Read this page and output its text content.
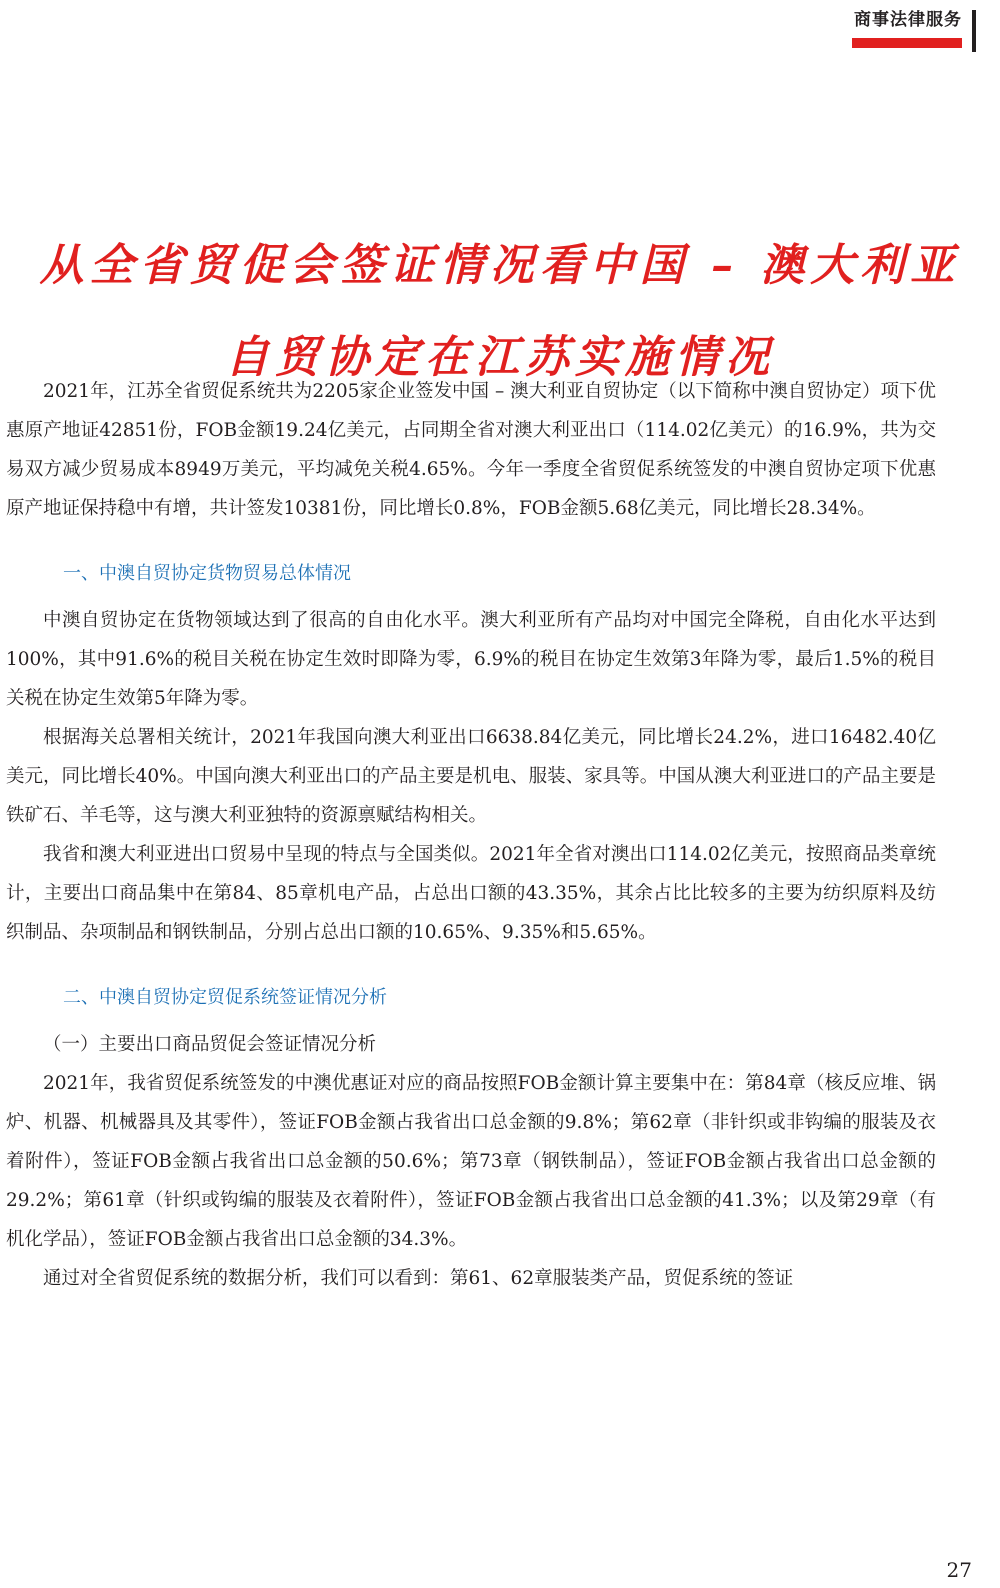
商事法律服务
从全省贸促会签证情况看中国 – 澳大利亚
自贸协定在江苏实施情况

2021年，江苏全省贸促系统共为2205家企业签发中国 – 澳大利亚自贸协定（以下简称中澳自贸协定）项下优惠原产地证42851份，FOB金额19.24亿美元，占同期全省对澳大利亚出口（114.02亿美元）的16.9%，共为交易双方减少贸易成本8949万美元，平均减免关税4.65%。今年一季度全省贸促系统签发的中澳自贸协定项下优惠原产地证保持稳中有增，共计签发10381份，同比增长0.8%，FOB金额5.68亿美元，同比增长28.34%。

一、中澳自贸协定货物贸易总体情况

中澳自贸协定在货物领域达到了很高的自由化水平。澳大利亚所有产品均对中国完全降税，自由化水平达到100%，其中91.6%的税目关税在协定生效时即降为零，6.9%的税目在协定生效第3年降为零，最后1.5%的税目关税在协定生效第5年降为零。

根据海关总署相关统计，2021年我国向澳大利亚出口6638.84亿美元，同比增长24.2%，进口16482.40亿美元，同比增长40%。中国向澳大利亚出口的产品主要是机电、服装、家具等。中国从澳大利亚进口的产品主要是铁矿石、羊毛等，这与澳大利亚独特的资源禀赋结构相关。

我省和澳大利亚进出口贸易中呈现的特点与全国类似。2021年全省对澳出口114.02亿美元，按照商品类章统计，主要出口商品集中在第84、85章机电产品，占总出口额的43.35%，其余占比比较多的主要为纺织原料及纺织制品、杂项制品和钢铁制品，分别占总出口额的10.65%、9.35%和5.65%。

二、中澳自贸协定贸促系统签证情况分析

（一）主要出口商品贸促会签证情况分析

2021年，我省贸促系统签发的中澳优惠证对应的商品按照FOB金额计算主要集中在：第84章（核反应堆、锅炉、机器、机械器具及其零件），签证FOB金额占我省出口总金额的9.8%；第62章（非针织或非钩编的服装及衣着附件），签证FOB金额占我省出口总金额的50.6%；第73章（钢铁制品），签证FOB金额占我省出口总金额的29.2%；第61章（针织或钩编的服装及衣着附件），签证FOB金额占我省出口总金额的41.3%；以及第29章（有机化学品），签证FOB金额占我省出口总金额的34.3%。

通过对全省贸促系统的数据分析，我们可以看到：第61、62章服装类产品，贸促系统的签证

27
